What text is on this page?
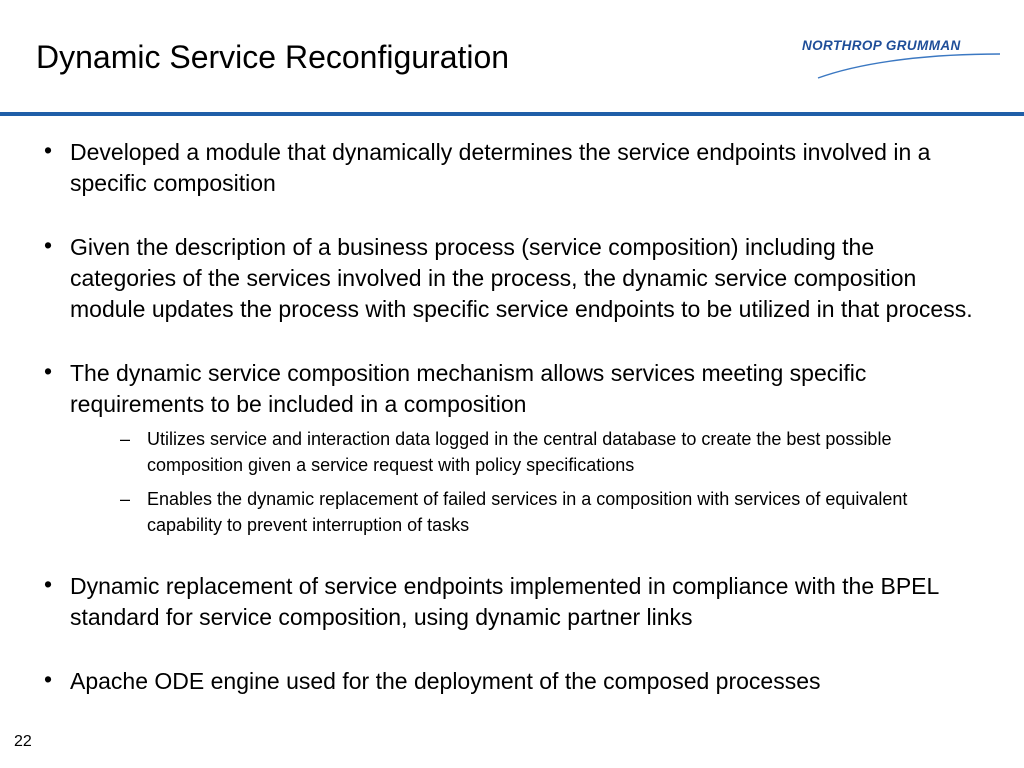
Dynamic Service Reconfiguration	NORTHROP GRUMMAN
• Developed a module that dynamically determines the service endpoints involved in a specific composition
• Given the description of a business process (service composition) including the categories of the services involved in the process, the dynamic service composition module updates the process with specific service endpoints to be utilized in that process.
• The dynamic service composition mechanism allows services meeting specific requirements to be included in a composition
– Utilizes service and interaction data logged in the central database to create the best possible composition given a service request with policy specifications
– Enables the dynamic replacement of failed services in a composition with services of equivalent capability to prevent interruption of tasks
• Dynamic replacement of service endpoints implemented in compliance with the BPEL standard for service composition, using dynamic partner links
• Apache ODE engine used for the deployment of the composed processes
22
